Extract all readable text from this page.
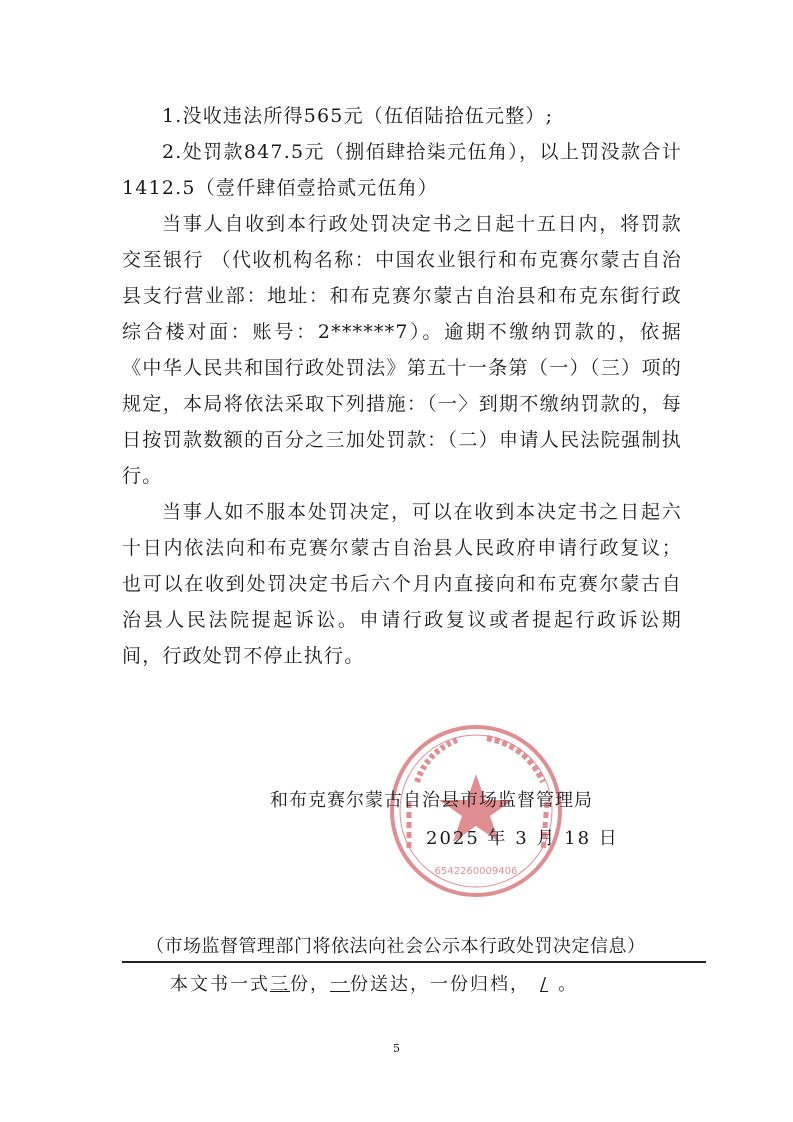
1.没收违法所得565元（伍佰陆拾伍元整）;

2.处罚款847.5元（捌佰肆拾柒元伍角），以上罚没款合计1412.5（壹仟肆佰壹拾贰元伍角）

当事人自收到本行政处罚决定书之日起十五日内，将罚款交至银行 （代收机构名称：中国农业银行和布克赛尔蒙古自治县支行营业部：地址：和布克赛尔蒙古自治县和布克东街行政综合楼对面：账号：2******7）。逾期不缴纳罚款的，依据《中华人民共和国行政处罚法》第五十一条第（一）（三）项的规定，本局将依法采取下列措施：（一〉到期不缴纳罚款的，每日按罚款数额的百分之三加处罚款：（二）申请人民法院强制执行。

当事人如不服本处罚决定，可以在收到本决定书之日起六十日内依法向和布克赛尔蒙古自治县人民政府申请行政复议；也可以在收到处罚决定书后六个月内直接向和布克赛尔蒙古自治县人民法院提起诉讼。申请行政复议或者提起行政诉讼期间，行政处罚不停止执行。

6542260009406
和布克赛尔蒙古自治县市场监督管理局
2025 年 3 月 18 日
（市场监督管理部门将依法向社会公示本行政处罚决定信息）
本文书一式三份，一份送达，一份归档， / 。
5
